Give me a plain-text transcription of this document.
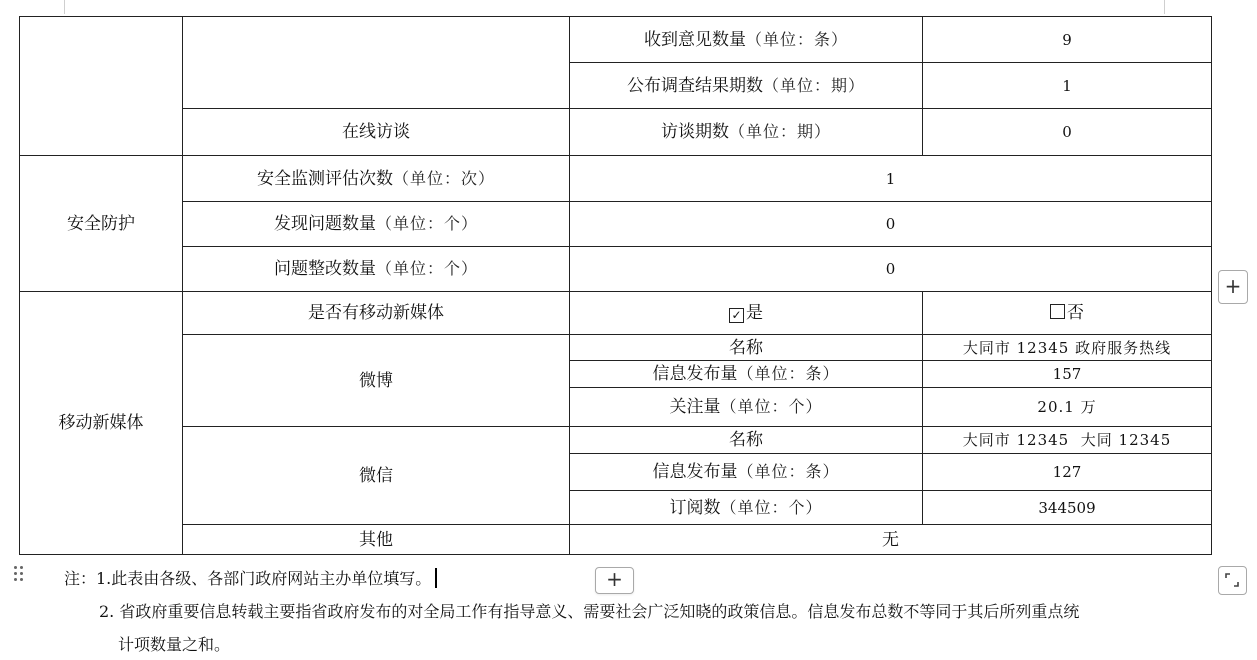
		收到意见数量（单位：条）	9
		公布调查结果期数（单位：期）	1
	在线访谈	访谈期数（单位：期）	0
安全防护	安全监测评估次数（单位：次）	1	
	发现问题数量（单位：个）	0	
	问题整改数量（单位：个）	0	
移动新媒体	是否有移动新媒体	✓ 是	否
	微博	名称	大同市 12345 政府服务热线
		信息发布量（单位：条）	157
		关注量（单位：个）	20.1 万
	微信	名称	大同市 12345  大同 12345
		信息发布量（单位：条）	127
		订阅数（单位：个）	344509
	其他	无	
+
+
注：1.此表由各级、各部门政府网站主办单位填写。
2. 省政府重要信息转载主要指省政府发布的对全局工作有指导意义、需要社会广泛知晓的政策信息。信息发布总数不等同于其后所列重点统
计项数量之和。
